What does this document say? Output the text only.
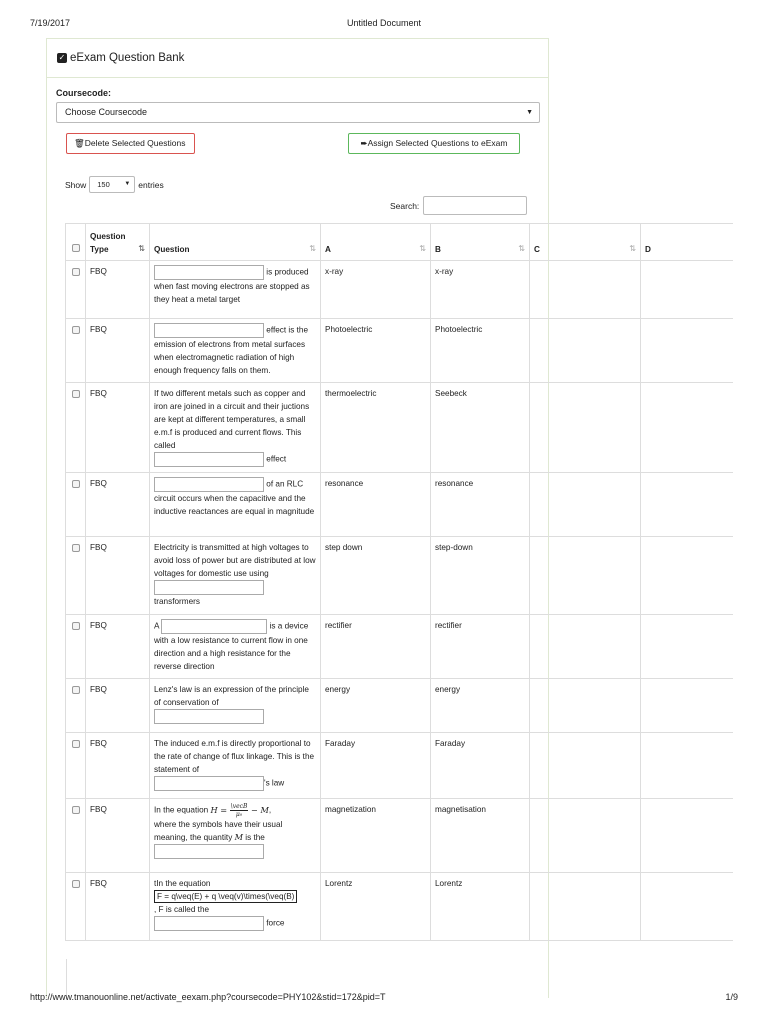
7/19/2017	Untitled Document
✓ eExam Question Bank
Coursecode:
Choose Coursecode	▼
🗑Delete Selected Questions	➨Assign Selected Questions to eExam
Show	150 ▼ entries
Search:
	Question Type ⇅	Question ⇅	A ⇅	B ⇅	C ⇅	D
	FBQ	is produced when fast moving electrons are stopped as they heat a metal target	x-ray	x-ray		
	FBQ	effect is the emission of electrons from metal surfaces when electromagnetic radiation of high enough frequency falls on them.	Photoelectric	Photoelectric		
	FBQ	If two different metals such as copper and iron are joined in a circuit and their juctions are kept at different temperatures, a small e.m.f is produced and current flows. This called
effect	thermoelectric	Seebeck		
	FBQ	of an RLC circuit occurs when the capacitive and the inductive reactances are equal in magnitude	resonance	resonance		
	FBQ	Electricity is transmitted at high voltages to avoid loss of power but are distributed at low voltages for domestic use using

transformers	step down	step-down		
	FBQ	A is a device with a low resistance to current flow in one direction and a high resistance for the reverse direction	rectifier	rectifier		
	FBQ	Lenz's law is an expression of the principle of conservation of	energy	energy		
	FBQ	The induced e.m.f is directly proportional to the rate of change of flux linkage. This is the statement of
's law	Faraday	Faraday		
	FBQ	In the equation $H = \frac{\text{\textbackslash{}vecB}}{\text{μ₀}} - M$,
where the symbols have their usual meaning, the quantity M is the	magnetization	magnetisation		
	FBQ	tIn the equation
F = q\veq(E) + q \veq(v)\times(\veq(B)
, F is called the
force	Lorentz	Lorentz		
http://www.tmanouonline.net/activate_eexam.php?coursecode=PHY102&stid=172&pid=T	1/9
